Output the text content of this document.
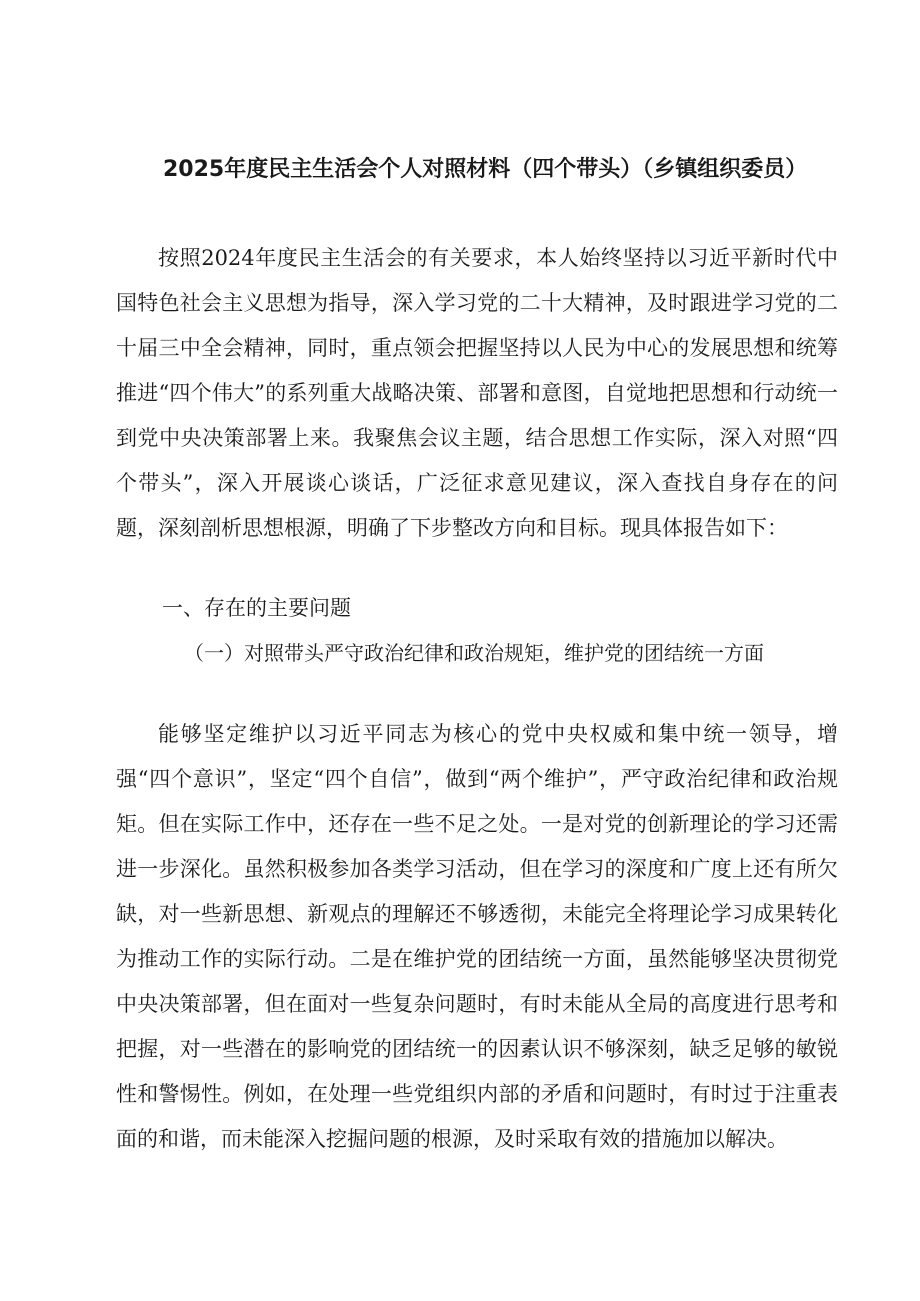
2025年度民主生活会个人对照材料（四个带头）（乡镇组织委员）

按照2024年度民主生活会的有关要求，本人始终坚持以习近平新时代中国特色社会主义思想为指导，深入学习党的二十大精神，及时跟进学习党的二十届三中全会精神，同时，重点领会把握坚持以人民为中心的发展思想和统筹推进“四个伟大”的系列重大战略决策、部署和意图，自觉地把思想和行动统一到党中央决策部署上来。我聚焦会议主题，结合思想工作实际，深入对照“四个带头”，深入开展谈心谈话，广泛征求意见建议，深入查找自身存在的问题，深刻剖析思想根源，明确了下步整改方向和目标。现具体报告如下：

一、存在的主要问题

（一）对照带头严守政治纪律和政治规矩，维护党的团结统一方面

能够坚定维护以习近平同志为核心的党中央权威和集中统一领导，增强“四个意识”，坚定“四个自信”，做到“两个维护”，严守政治纪律和政治规矩。但在实际工作中，还存在一些不足之处。一是对党的创新理论的学习还需进一步深化。虽然积极参加各类学习活动，但在学习的深度和广度上还有所欠缺，对一些新思想、新观点的理解还不够透彻，未能完全将理论学习成果转化为推动工作的实际行动。二是在维护党的团结统一方面，虽然能够坚决贯彻党中央决策部署，但在面对一些复杂问题时，有时未能从全局的高度进行思考和把握，对一些潜在的影响党的团结统一的因素认识不够深刻，缺乏足够的敏锐性和警惕性。例如，在处理一些党组织内部的矛盾和问题时，有时过于注重表面的和谐，而未能深入挖掘问题的根源，及时采取有效的措施加以解决。
